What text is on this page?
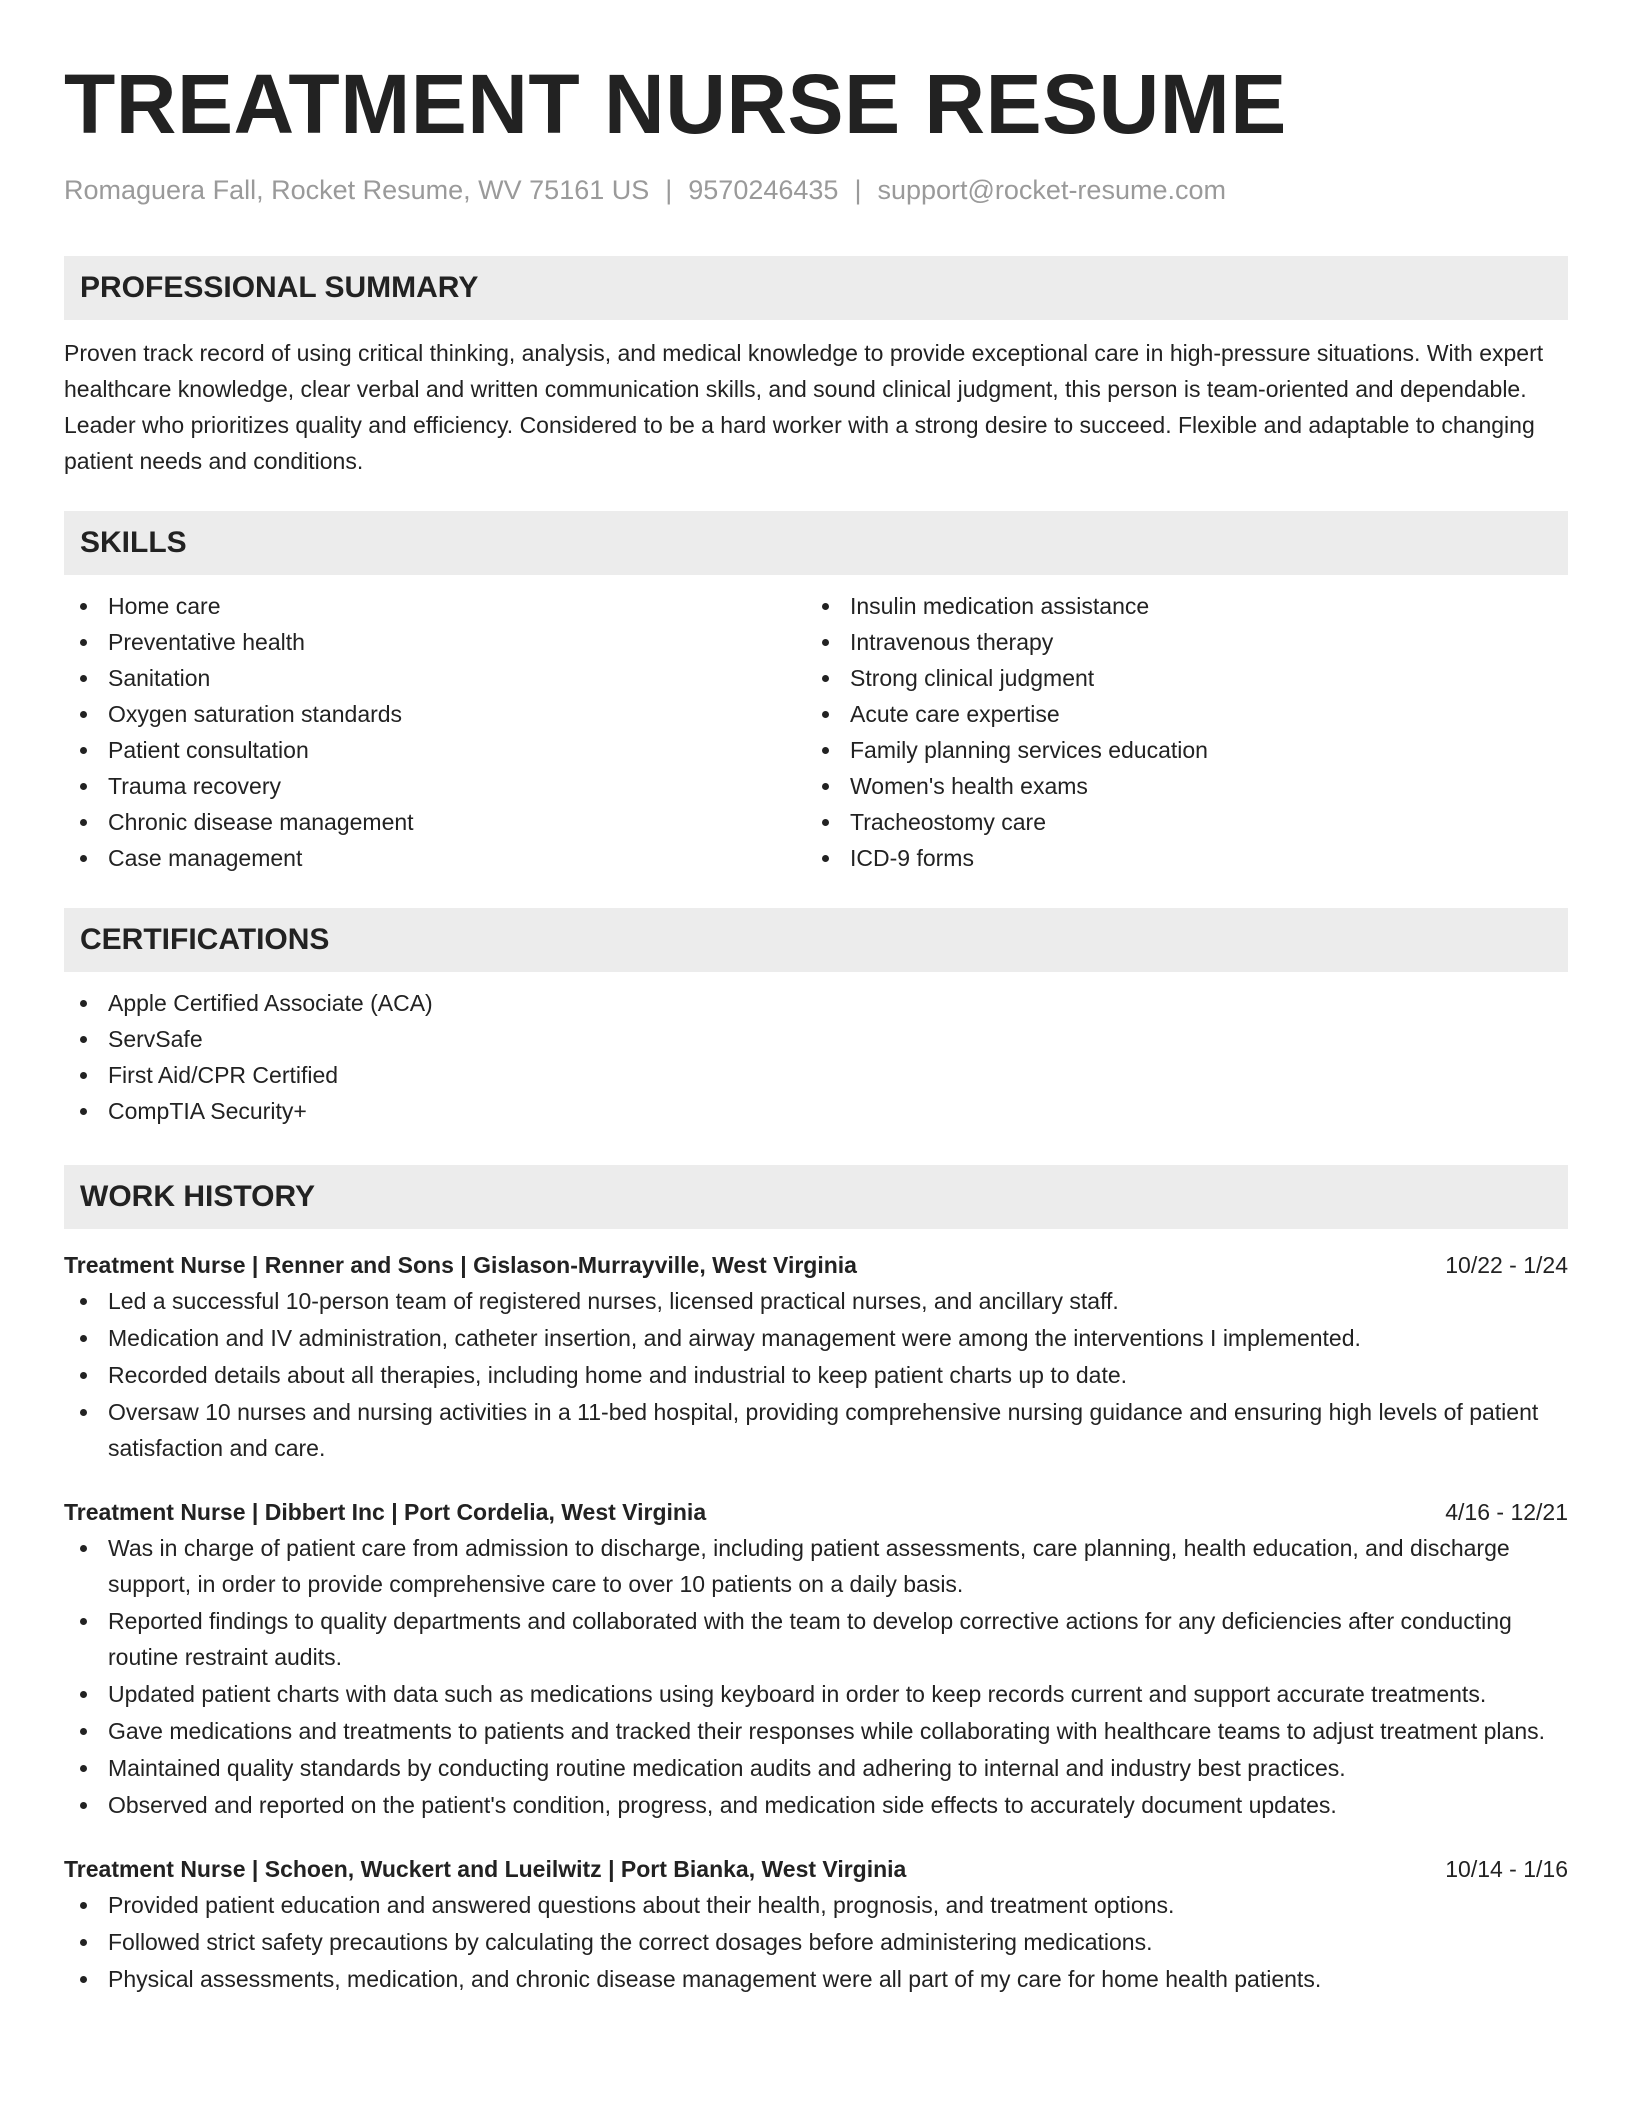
TREATMENT NURSE RESUME
Romaguera Fall, Rocket Resume, WV 75161 US | 9570246435 | support@rocket-resume.com
PROFESSIONAL SUMMARY

Proven track record of using critical thinking, analysis, and medical knowledge to provide exceptional care in high-pressure situations. With expert healthcare knowledge, clear verbal and written communication skills, and sound clinical judgment, this person is team-oriented and dependable. Leader who prioritizes quality and efficiency. Considered to be a hard worker with a strong desire to succeed. Flexible and adaptable to changing patient needs and conditions.

SKILLS
Home care
Preventative health
Sanitation
Oxygen saturation standards
Patient consultation
Trauma recovery
Chronic disease management
Case management
Insulin medication assistance
Intravenous therapy
Strong clinical judgment
Acute care expertise
Family planning services education
Women's health exams
Tracheostomy care
ICD-9 forms
CERTIFICATIONS
Apple Certified Associate (ACA)
ServSafe
First Aid/CPR Certified
CompTIA Security+
WORK HISTORY
Treatment Nurse | Renner and Sons | Gislason-Murrayville, West Virginia	10/22 - 1/24
Led a successful 10-person team of registered nurses, licensed practical nurses, and ancillary staff.
Medication and IV administration, catheter insertion, and airway management were among the interventions I implemented.
Recorded details about all therapies, including home and industrial to keep patient charts up to date.
Oversaw 10 nurses and nursing activities in a 11-bed hospital, providing comprehensive nursing guidance and ensuring high levels of patient satisfaction and care.
Treatment Nurse | Dibbert Inc | Port Cordelia, West Virginia	4/16 - 12/21
Was in charge of patient care from admission to discharge, including patient assessments, care planning, health education, and discharge support, in order to provide comprehensive care to over 10 patients on a daily basis.
Reported findings to quality departments and collaborated with the team to develop corrective actions for any deficiencies after conducting routine restraint audits.
Updated patient charts with data such as medications using keyboard in order to keep records current and support accurate treatments.
Gave medications and treatments to patients and tracked their responses while collaborating with healthcare teams to adjust treatment plans.
Maintained quality standards by conducting routine medication audits and adhering to internal and industry best practices.
Observed and reported on the patient's condition, progress, and medication side effects to accurately document updates.
Treatment Nurse | Schoen, Wuckert and Lueilwitz | Port Bianka, West Virginia	10/14 - 1/16
Provided patient education and answered questions about their health, prognosis, and treatment options.
Followed strict safety precautions by calculating the correct dosages before administering medications.
Physical assessments, medication, and chronic disease management were all part of my care for home health patients.
